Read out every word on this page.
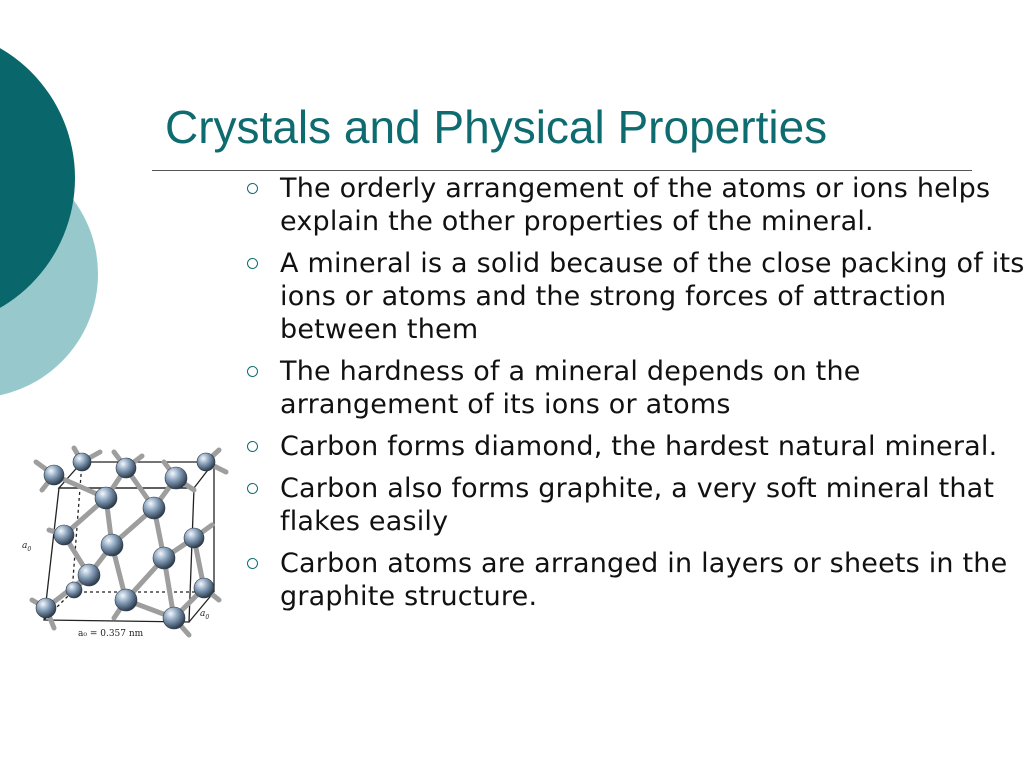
Crystals and Physical Properties
The orderly arrangement of the atoms or ions helps explain the other properties of the mineral.
A mineral is a solid because of the close packing of its ions or atoms and the strong forces of attraction between them
The hardness of a mineral depends on the arrangement of its ions or atoms
Carbon forms diamond, the hardest natural mineral.
Carbon also forms graphite, a very soft mineral that flakes easily
Carbon atoms are arranged in layers or sheets in the graphite structure.
$a_0$
$a_0$
a₀ = 0.357 nm
